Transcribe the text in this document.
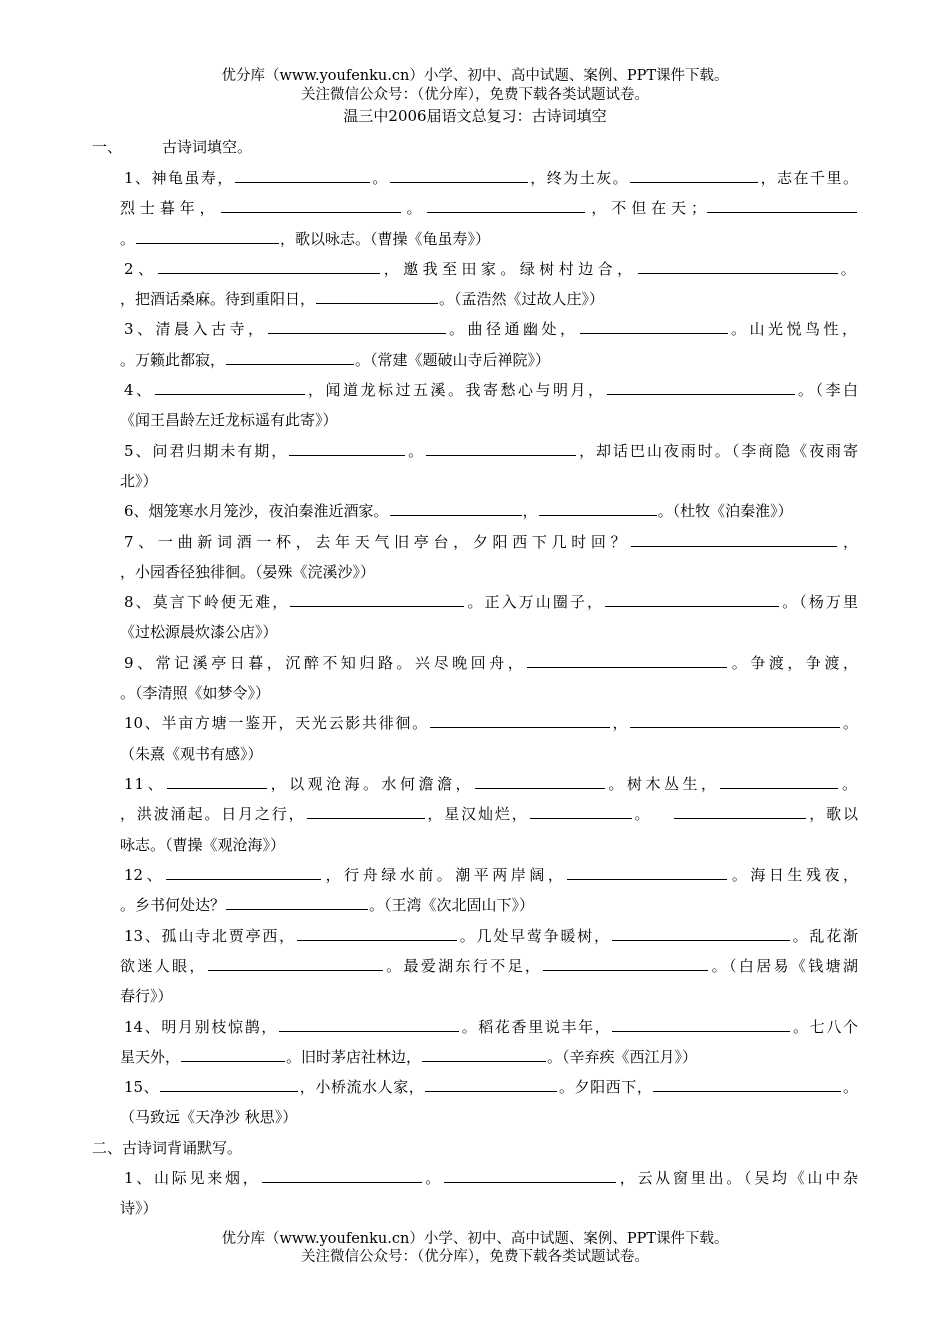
优分库（www.youfenku.cn）小学、初中、高中试题、案例、PPT课件下载。
关注微信公众号：（优分库），免费下载各类试题试卷。
温三中2006届语文总复习：古诗词填空
一、	古诗词填空。
1、神龟虽寿，	。	，终为土灰。	，志在千里。
烈士暮年，	。	，不但在天；
。	，歌以咏志。（曹操《龟虽寿》）
2、	，邀我至田家。绿树村边合，	。
，把酒话桑麻。待到重阳日，	。（孟浩然《过故人庄》）
3、清晨入古寺，	。曲径通幽处，	。山光悦鸟性，
。万籁此都寂，	。（常建《题破山寺后禅院》）
4、	，闻道龙标过五溪。我寄愁心与明月，	。（李白
《闻王昌龄左迁龙标遥有此寄》）
5、问君归期未有期，	。	，却话巴山夜雨时。（李商隐《夜雨寄
北》）
6、烟笼寒水月笼沙，夜泊秦淮近酒家。	，	。（杜牧《泊秦淮》）
7、一曲新词酒一杯，去年天气旧亭台，夕阳西下几时回？	，
，小园香径独徘徊。（晏殊《浣溪沙》）
8、莫言下岭便无难，	。正入万山圈子，	。（杨万里
《过松源晨炊漆公店》）
9、常记溪亭日暮，沉醉不知归路。兴尽晚回舟，	。争渡，争渡，
。（李清照《如梦令》）
10、半亩方塘一鉴开，天光云影共徘徊。	，	。
（朱熹《观书有感》）
11、	，以观沧海。水何澹澹，	。树木丛生，	。
，洪波涌起。日月之行，	，星汉灿烂，	。	，歌以
咏志。（曹操《观沧海》）
12、	，行舟绿水前。潮平两岸阔，	。海日生残夜，
。乡书何处达？	。（王湾《次北固山下》）
13、孤山寺北贾亭西，	。几处早莺争暖树，	。乱花渐
欲迷人眼，	。最爱湖东行不足，	。（白居易《钱塘湖
春行》）
14、明月别枝惊鹊，	。稻花香里说丰年，	。七八个
星天外，	。旧时茅店社林边，	。（辛弃疾《西江月》）
15、	，小桥流水人家，	。夕阳西下，	。
（马致远《天净沙 秋思》）
二、古诗词背诵默写。
1、山际见来烟，	。	，云从窗里出。（吴均《山中杂
诗》）
优分库（www.youfenku.cn）小学、初中、高中试题、案例、PPT课件下载。
关注微信公众号：（优分库），免费下载各类试题试卷。
